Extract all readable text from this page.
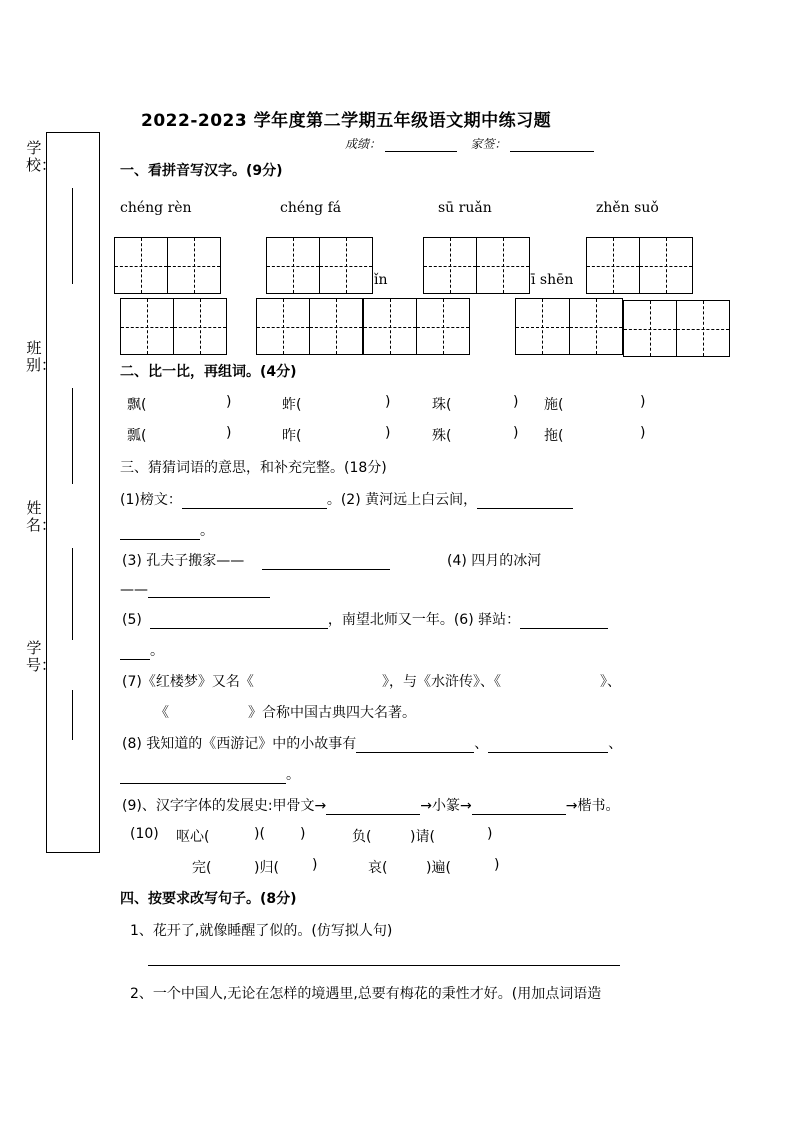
学校：
班别：
姓名：
学号：
2022-2023 学年度第二学期五年级语文期中练习题
成绩：	家签：
一、看拼音写汉字。(9分)
chéng rèn	chéng fá	sū ruǎn	zhěn suǒ
ǐn	ī shēn
二、比一比，再组词。(4分)
飘(	)	蚱(	)	珠(	) 施(	)
瓢(	)	昨(	)	殊(	) 拖(	)
三、猜猜词语的意思，和补充完整。(18分)
(1)榜文：	。(2) 黄河远上白云间，
。
(3) 孔夫子搬家——	(4) 四月的冰河
——
(5)	，南望北师又一年。(6) 驿站：
。
(7)《红楼梦》又名《	》，与《水浒传》、《	》、
《	》合称中国古典四大名著。
(8) 我知道的《西游记》中的小故事有	、	、
。
(9)、汉字字体的发展史:甲骨文→	→小篆→	→楷书。
(10) 呕心(	)(	)	负(	)请(	)
完(	)归( )	哀(	)遍(	)
四、按要求改写句子。(8分)
1、花开了,就像睡醒了似的。(仿写拟人句)
2、一个中国人,无论在怎样的境遇里,总要有梅花的秉性才好。(用加点词语造
